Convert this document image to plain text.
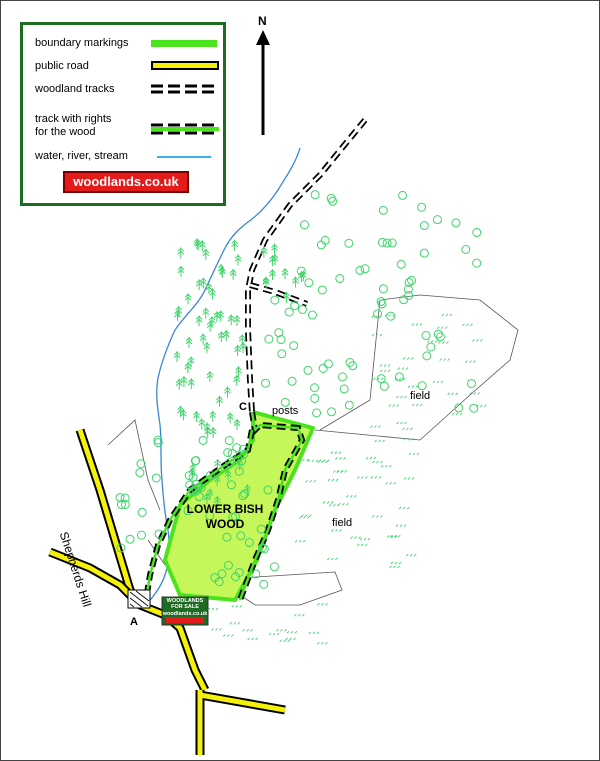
N
LOWER BISH
WOOD
Shepherds Hill
posts
field
field
A
C
WOODLANDS
FOR SALE
woodlands.co.uk
boundary markings
public road
woodland tracks
track with rights
for the wood
water, river, stream
woodlands.co.uk
